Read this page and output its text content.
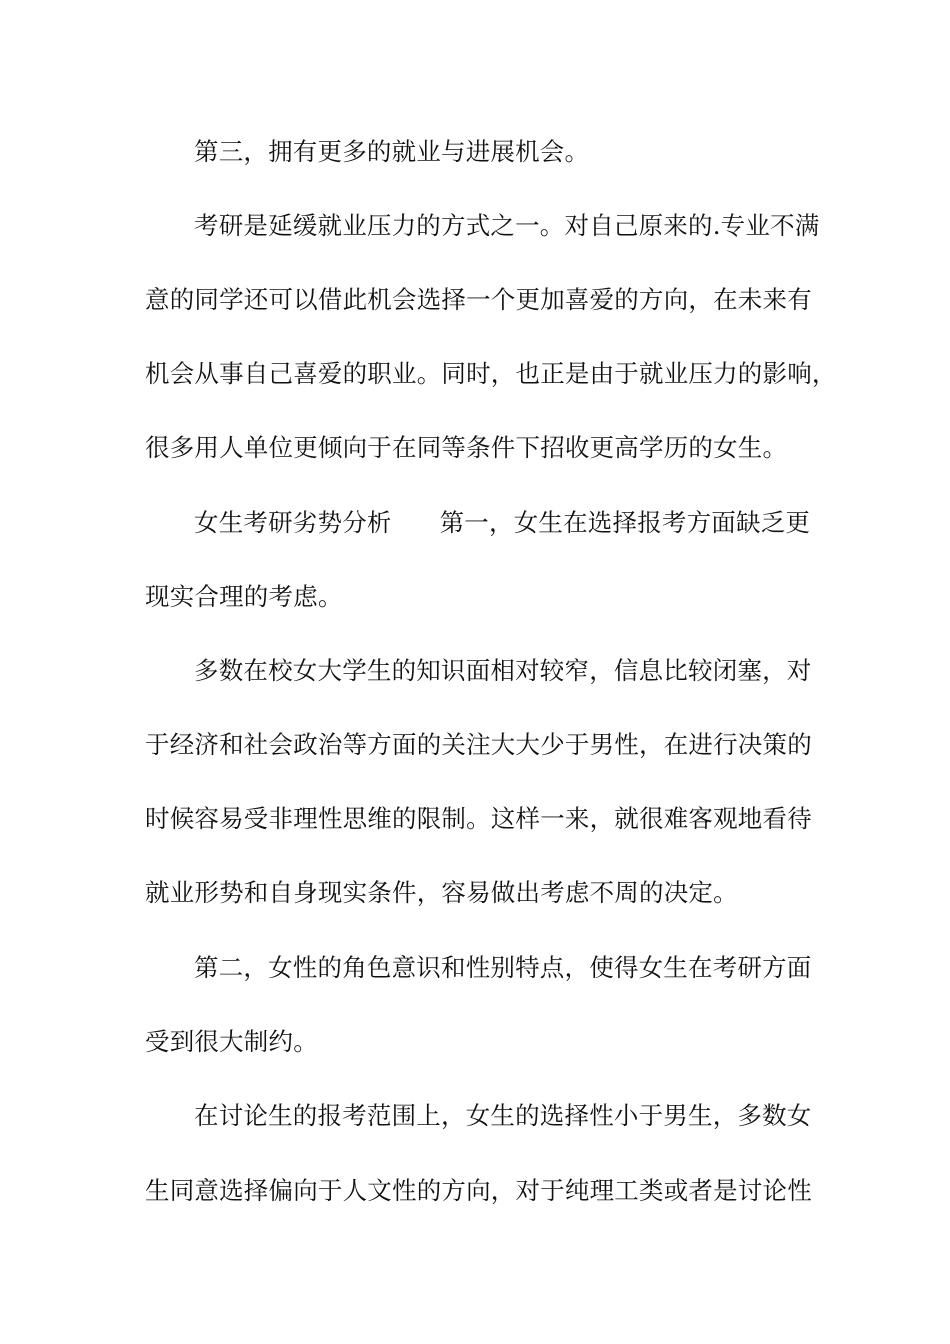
第三，拥有更多的就业与进展机会。
考研是延缓就业压力的方式之一。对自己原来的.专业不满
意的同学还可以借此机会选择一个更加喜爱的方向，在未来有
机会从事自己喜爱的职业。同时，也正是由于就业压力的影响，
很多用人单位更倾向于在同等条件下招收更高学历的女生。
女生考研劣势分析 第一，女生在选择报考方面缺乏更
现实合理的考虑。
多数在校女大学生的知识面相对较窄，信息比较闭塞，对
于经济和社会政治等方面的关注大大少于男性，在进行决策的
时候容易受非理性思维的限制。这样一来，就很难客观地看待
就业形势和自身现实条件，容易做出考虑不周的决定。
第二，女性的角色意识和性别特点，使得女生在考研方面
受到很大制约。
在讨论生的报考范围上，女生的选择性小于男生，多数女
生同意选择偏向于人文性的方向，对于纯理工类或者是讨论性
